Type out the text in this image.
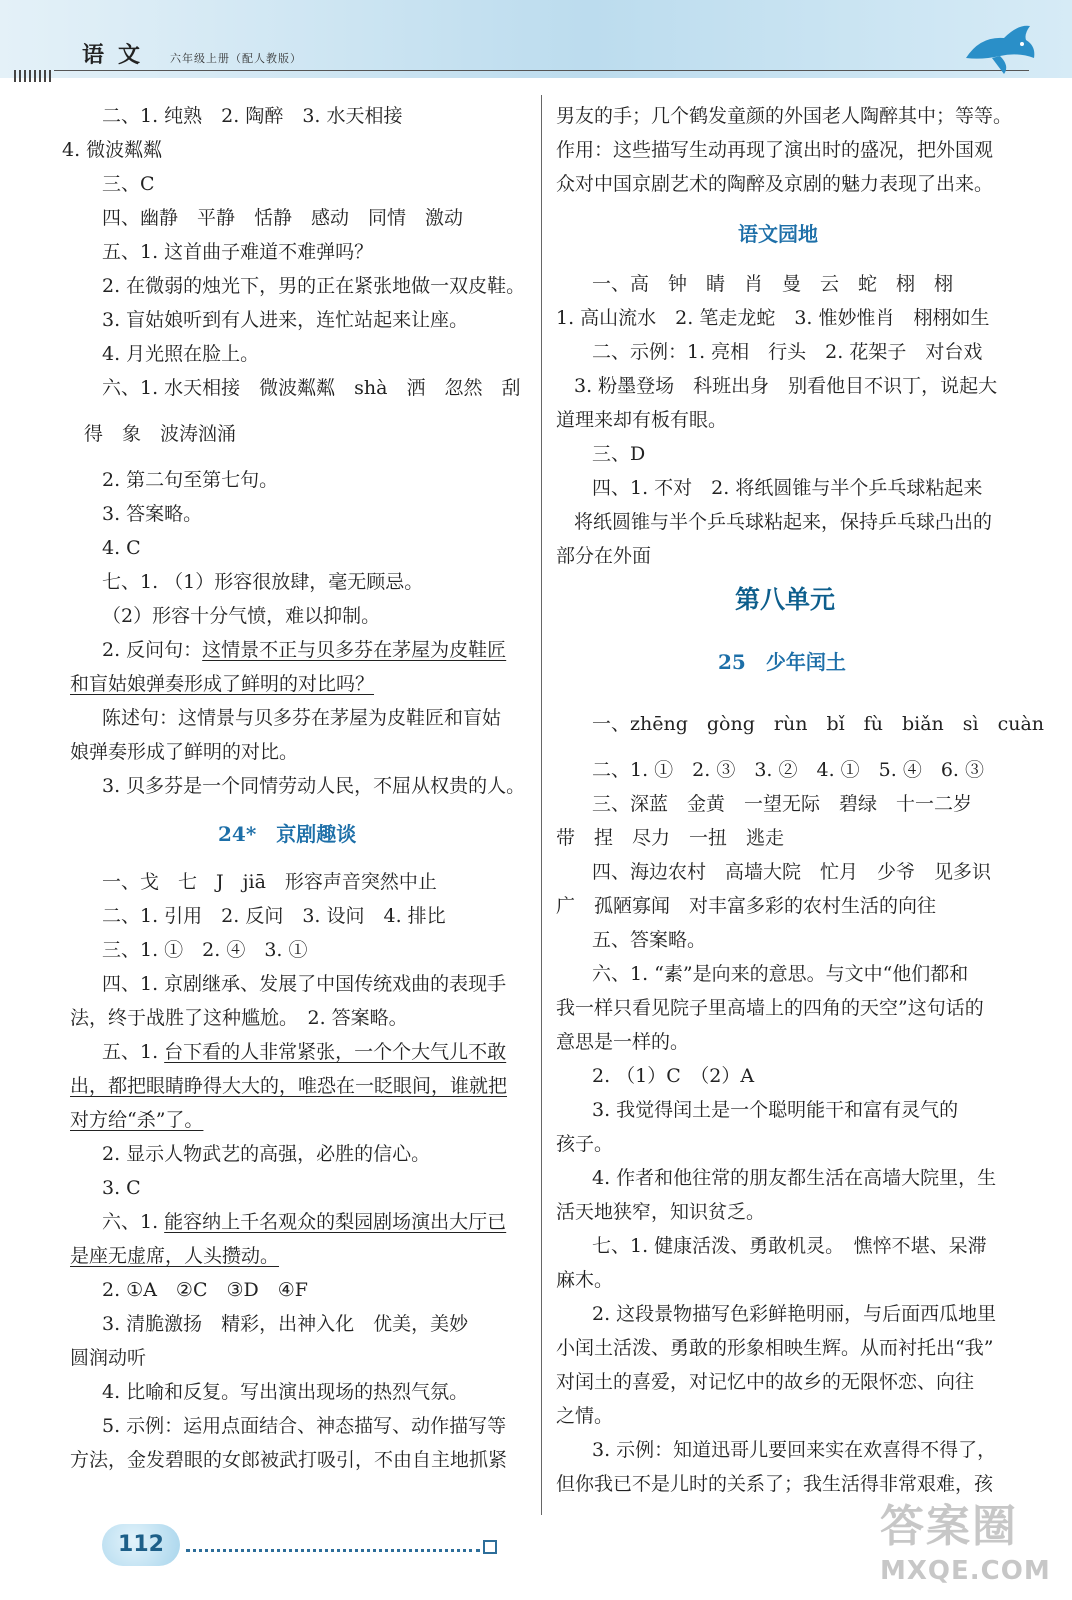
语文 六年级上册（配人教版）
24*　京剧趣谈
语文园地
第八单元
25　少年闰土
112	答案圈
MXQE.COM
二、1. 纯熟　2. 陶醉　3. 水天相接
4. 微波粼粼
三、C
四、幽静　平静　恬静　感动　同情　激动
五、1. 这首曲子难道不难弹吗？
2. 在微弱的烛光下，男的正在紧张地做一双皮鞋。
3. 盲姑娘听到有人进来，连忙站起来让座。
4. 月光照在脸上。
六、1. 水天相接　微波粼粼　shà　洒　忽然　刮
得　象　波涛汹涌
2. 第二句至第七句。
3. 答案略。
4. C
七、1. （1）形容很放肆，毫无顾忌。
（2）形容十分气愤，难以抑制。
2. 反问句：这情景不正与贝多芬在茅屋为皮鞋匠
和盲姑娘弹奏形成了鲜明的对比吗？
陈述句：这情景与贝多芬在茅屋为皮鞋匠和盲姑
娘弹奏形成了鲜明的对比。
3. 贝多芬是一个同情劳动人民，不屈从权贵的人。
一、戈　七　J　jiā　形容声音突然中止
二、1. 引用　2. 反问　3. 设问　4. 排比
三、1. ①　2. ④　3. ①
四、1. 京剧继承、发展了中国传统戏曲的表现手
法，终于战胜了这种尴尬。　2. 答案略。
五、1. 台下看的人非常紧张，一个个大气儿不敢
出，都把眼睛睁得大大的，唯恐在一眨眼间，谁就把
对方给“杀”了。
2. 显示人物武艺的高强，必胜的信心。
3. C
六、1. 能容纳上千名观众的梨园剧场演出大厅已
是座无虚席，人头攒动。
2. ①A　②C　③D　④F
3. 清脆激扬　精彩，出神入化　优美，美妙
圆润动听
4. 比喻和反复。写出演出现场的热烈气氛。
5. 示例：运用点面结合、神态描写、动作描写等
方法，金发碧眼的女郎被武打吸引，不由自主地抓紧
男友的手；几个鹤发童颜的外国老人陶醉其中；等等。
作用：这些描写生动再现了演出时的盛况，把外国观
众对中国京剧艺术的陶醉及京剧的魅力表现了出来。
一、高　钟　睛　肖　曼　云　蛇　栩　栩
1. 高山流水　2. 笔走龙蛇　3. 惟妙惟肖　栩栩如生
二、示例：1. 亮相　行头　2. 花架子　对台戏
3. 粉墨登场　科班出身　别看他目不识丁，说起大
道理来却有板有眼。
三、D
四、1. 不对　2. 将纸圆锥与半个乒乓球粘起来
将纸圆锥与半个乒乓球粘起来，保持乒乓球凸出的
部分在外面
一、zhēng　gòng　rùn　bǐ　fù　biǎn　sì　cuàn
二、1. ①　2. ③　3. ②　4. ①　5. ④　6. ③
三、深蓝　金黄　一望无际　碧绿　十一二岁
带　捏　尽力　一扭　逃走
四、海边农村　高墙大院　忙月　少爷　见多识
广　孤陋寡闻　对丰富多彩的农村生活的向往
五、答案略。
六、1. “素”是向来的意思。与文中“他们都和
我一样只看见院子里高墙上的四角的天空”这句话的
意思是一样的。
2. （1）C　（2）A
3. 我觉得闰土是一个聪明能干和富有灵气的
孩子。
4. 作者和他往常的朋友都生活在高墙大院里，生
活天地狭窄，知识贫乏。
七、1. 健康活泼、勇敢机灵。　憔悴不堪、呆滞
麻木。
2. 这段景物描写色彩鲜艳明丽，与后面西瓜地里
小闰土活泼、勇敢的形象相映生辉。从而衬托出“我”
对闰土的喜爱，对记忆中的故乡的无限怀恋、向往
之情。
3. 示例：知道迅哥儿要回来实在欢喜得不得了，
但你我已不是儿时的关系了；我生活得非常艰难，孩
